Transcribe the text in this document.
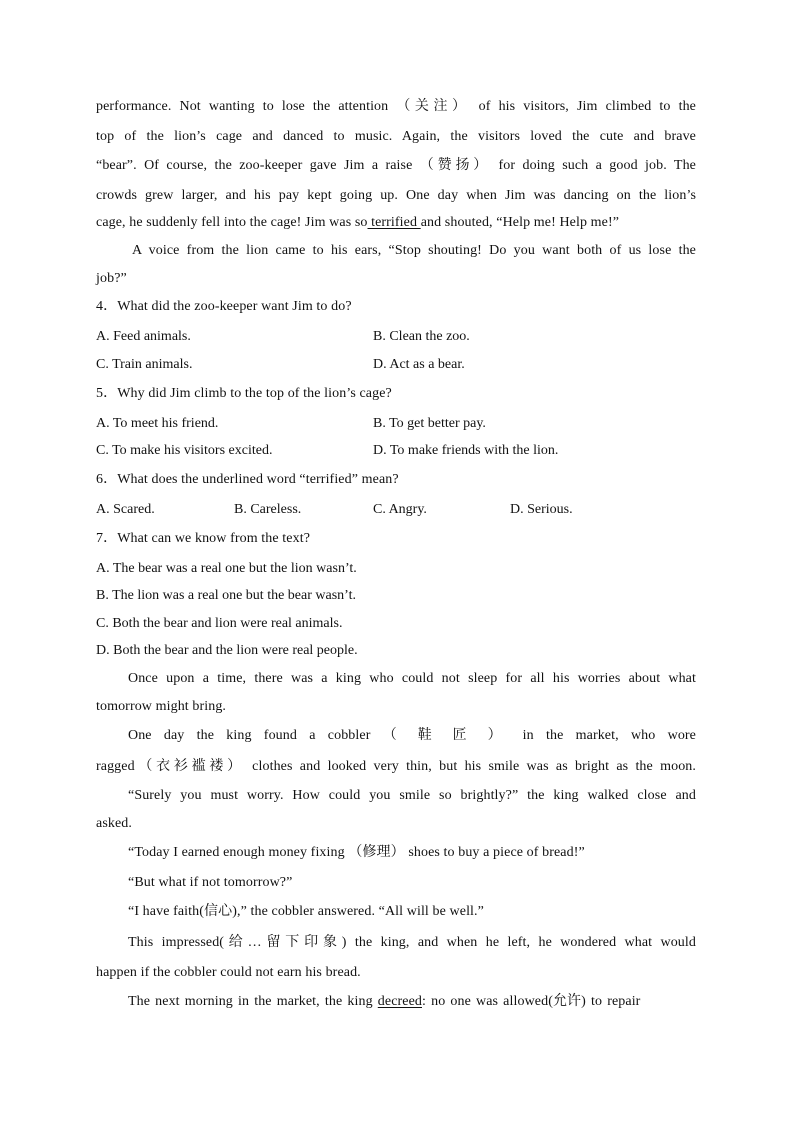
performance. Not wanting to lose the attention （关注） of his visitors, Jim climbed to the
top of the lion’s cage and danced to music. Again, the visitors loved the cute and brave
“bear”. Of course, the zoo-keeper gave Jim a raise （赞扬） for doing such a good job. The
crowds grew larger, and his pay kept going up. One day when Jim was dancing on the lion’s
cage, he suddenly fell into the cage! Jim was so terrified and shouted, “Help me! Help me!”
A voice from the lion came to his ears, “Stop shouting! Do you want both of us lose the
job?”
4．What did the zoo-keeper want Jim to do?
A. Feed animals.	B. Clean the zoo.
C. Train animals.	D. Act as a bear.
5．Why did Jim climb to the top of the lion’s cage?
A. To meet his friend.	B. To get better pay.
C. To make his visitors excited.	D. To make friends with the lion.
6．What does the underlined word “terrified” mean?
A. Scared.	B. Careless.	C. Angry.	D. Serious.
7．What can we know from the text?
A. The bear was a real one but the lion wasn’t.
B. The lion was a real one but the bear wasn’t.
C. Both the bear and lion were real animals.
D. Both the bear and the lion were real people.
Once upon a time, there was a king who could not sleep for all his worries about what
tomorrow might bring.
One day the king found a cobbler （ 鞋 匠 ） in the market, who wore
ragged（衣衫褴褛） clothes and looked very thin, but his smile was as bright as the moon.
“Surely you must worry. How could you smile so brightly?” the king walked close and
asked.
“Today I earned enough money fixing （修理） shoes to buy a piece of bread!”
“But what if not tomorrow?”
“I have faith(信心),” the cobbler answered. “All will be well.”
This impressed(给…留下印象) the king, and when he left, he wondered what would
happen if the cobbler could not earn his bread.
The next morning in the market, the king decreed: no one was allowed(允许) to repair
